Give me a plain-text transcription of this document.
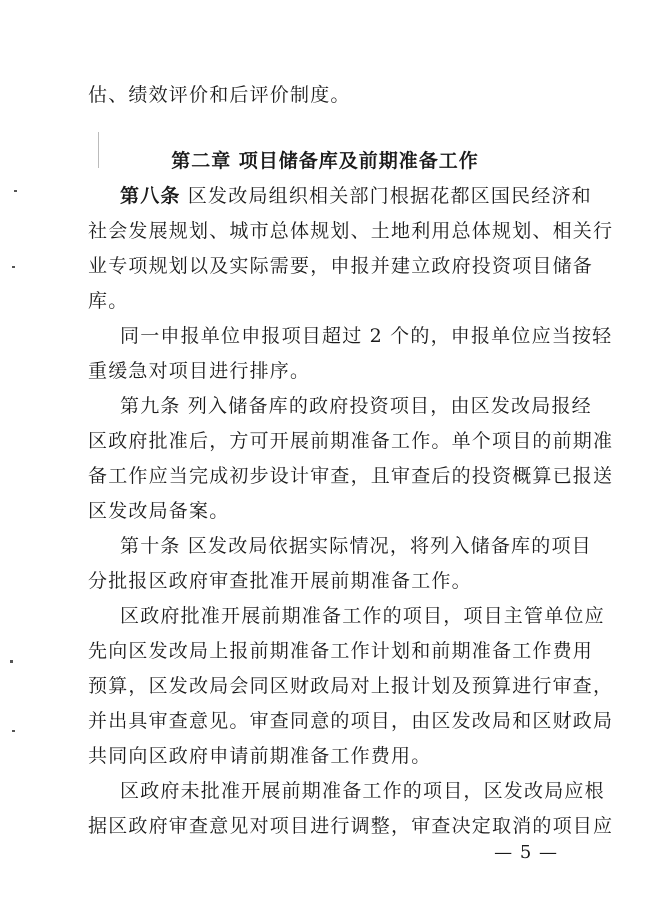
估、绩效评价和后评价制度。
第二章 项目储备库及前期准备工作
第八条 区发改局组织相关部门根据花都区国民经济和
社会发展规划、城市总体规划、土地利用总体规划、相关行
业专项规划以及实际需要，申报并建立政府投资项目储备
库。
同一申报单位申报项目超过 2 个的，申报单位应当按轻
重缓急对项目进行排序。
第九条 列入储备库的政府投资项目，由区发改局报经
区政府批准后，方可开展前期准备工作。单个项目的前期准
备工作应当完成初步设计审查，且审查后的投资概算已报送
区发改局备案。
第十条 区发改局依据实际情况，将列入储备库的项目
分批报区政府审查批准开展前期准备工作。
区政府批准开展前期准备工作的项目，项目主管单位应
先向区发改局上报前期准备工作计划和前期准备工作费用
预算，区发改局会同区财政局对上报计划及预算进行审查，
并出具审查意见。审查同意的项目，由区发改局和区财政局
共同向区政府申请前期准备工作费用。
区政府未批准开展前期准备工作的项目，区发改局应根
据区政府审查意见对项目进行调整，审查决定取消的项目应
— 5 —
